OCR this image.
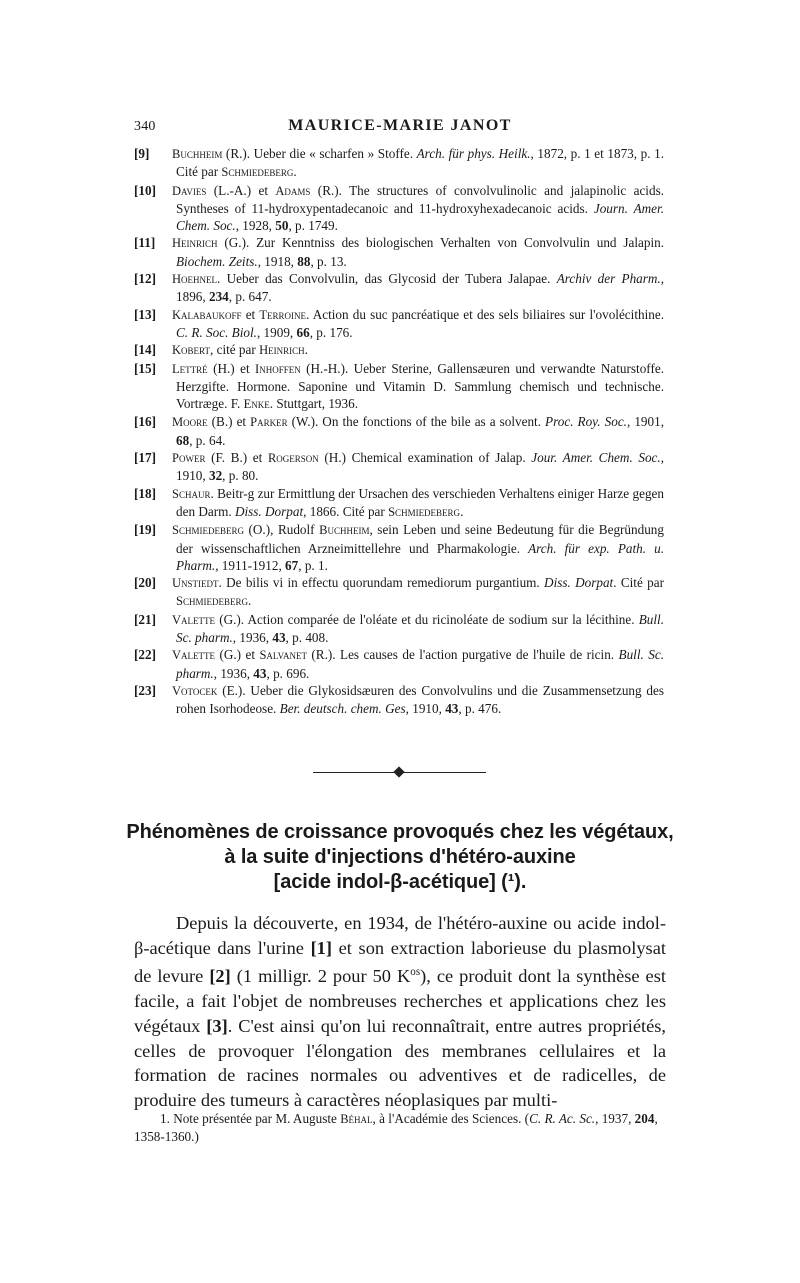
340	MAURICE-MARIE JANOT
[9] Buchheim (R.). Ueber die « scharfen » Stoffe. Arch. für phys. Heilk., 1872, p. 1 et 1873, p. 1. Cité par Schmiedeberg.
[10] Davies (L.-A.) et Adams (R.). The structures of convolvulinolic and jalapinolic acids. Syntheses of 11-hydroxypentadecanoic and 11-hydroxyhexadecanoic acids. Journ. Amer. Chem. Soc., 1928, 50, p. 1749.
[11] Heinrich (G.). Zur Kenntniss des biologischen Verhalten von Convolvulin und Jalapin. Biochem. Zeits., 1918, 88, p. 13.
[12] Hoehnel. Ueber das Convolvulin, das Glycosid der Tubera Jalapae. Archiv der Pharm., 1896, 234, p. 647.
[13] Kalabaukoff et Terroine. Action du suc pancréatique et des sels biliaires sur l'ovolécithine. C. R. Soc. Biol., 1909, 66, p. 176.
[14] Kobert, cité par Heinrich.
[15] Lettré (H.) et Inhoffen (H.-H.). Ueber Sterine, Gallensæuren und verwandte Naturstoffe. Herzgifte. Hormone. Saponine und Vitamin D. Sammlung chemisch und technische. Vortræge. F. Enke. Stuttgart, 1936.
[16] Moore (B.) et Parker (W.). On the fonctions of the bile as a solvent. Proc. Roy. Soc., 1901, 68, p. 64.
[17] Power (F. B.) et Rogerson (H.) Chemical examination of Jalap. Jour. Amer. Chem. Soc., 1910, 32, p. 80.
[18] Schaur. Beitr-g zur Ermittlung der Ursachen des verschieden Verhaltens einiger Harze gegen den Darm. Diss. Dorpat, 1866. Cité par Schmiedeberg.
[19] Schmiedeberg (O.), Rudolf Buchheim, sein Leben und seine Bedeutung für die Begründung der wissenschaftlichen Arzneimittellehre und Pharmakologie. Arch. für exp. Path. u. Pharm., 1911-1912, 67, p. 1.
[20] Unstiedt. De bilis vi in effectu quorundam remediorum purgantium. Diss. Dorpat. Cité par Schmiedeberg.
[21] Valette (G.). Action comparée de l'oléate et du ricinoléate de sodium sur la lécithine. Bull. Sc. pharm., 1936, 43, p. 408.
[22] Valette (G.) et Salvanet (R.). Les causes de l'action purgative de l'huile de ricin. Bull. Sc. pharm., 1936, 43, p. 696.
[23] Votocek (E.). Ueber die Glykosidsæuren des Convolvulins und die Zusammensetzung des rohen Isorhodeose. Ber. deutsch. chem. Ges, 1910, 43, p. 476.
Phénomènes de croissance provoqués chez les végétaux,
à la suite d'injections d'hétéro-auxine
[acide indol-β-acétique] (¹).
Depuis la découverte, en 1934, de l'hétéro-auxine ou acide indol-β-acétique dans l'urine [1] et son extraction laborieuse du plasmolysat de levure [2] (1 milligr. 2 pour 50 $K^{os}$), ce produit dont la synthèse est facile, a fait l'objet de nombreuses recherches et applications chez les végétaux [3]. C'est ainsi qu'on lui reconnaîtrait, entre autres propriétés, celles de provoquer l'élongation des membranes cellulaires et la formation de racines normales ou adventives et de radicelles, de produire des tumeurs à caractères néoplasiques par multi-
1. Note présentée par M. Auguste Béhal, à l'Académie des Sciences. (C. R. Ac. Sc., 1937, 204, 1358-1360.)
